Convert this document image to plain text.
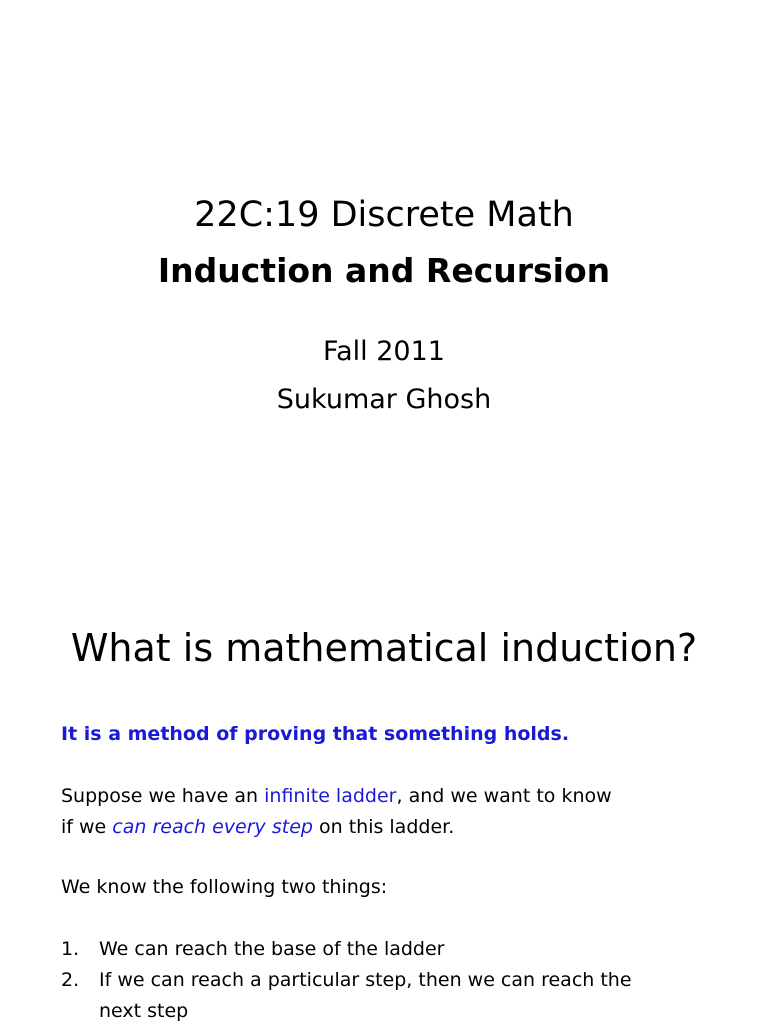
22C:19 Discrete Math
Induction and Recursion
Fall 2011
Sukumar Ghosh
What is mathematical induction?
It is a method of proving that something holds.
Suppose we have an infinite ladder, and we want to know
if we can reach every step on this ladder.
We know the following two things:
1. We can reach the base of the ladder
2. If we can reach a particular step, then we can reach the
next step
